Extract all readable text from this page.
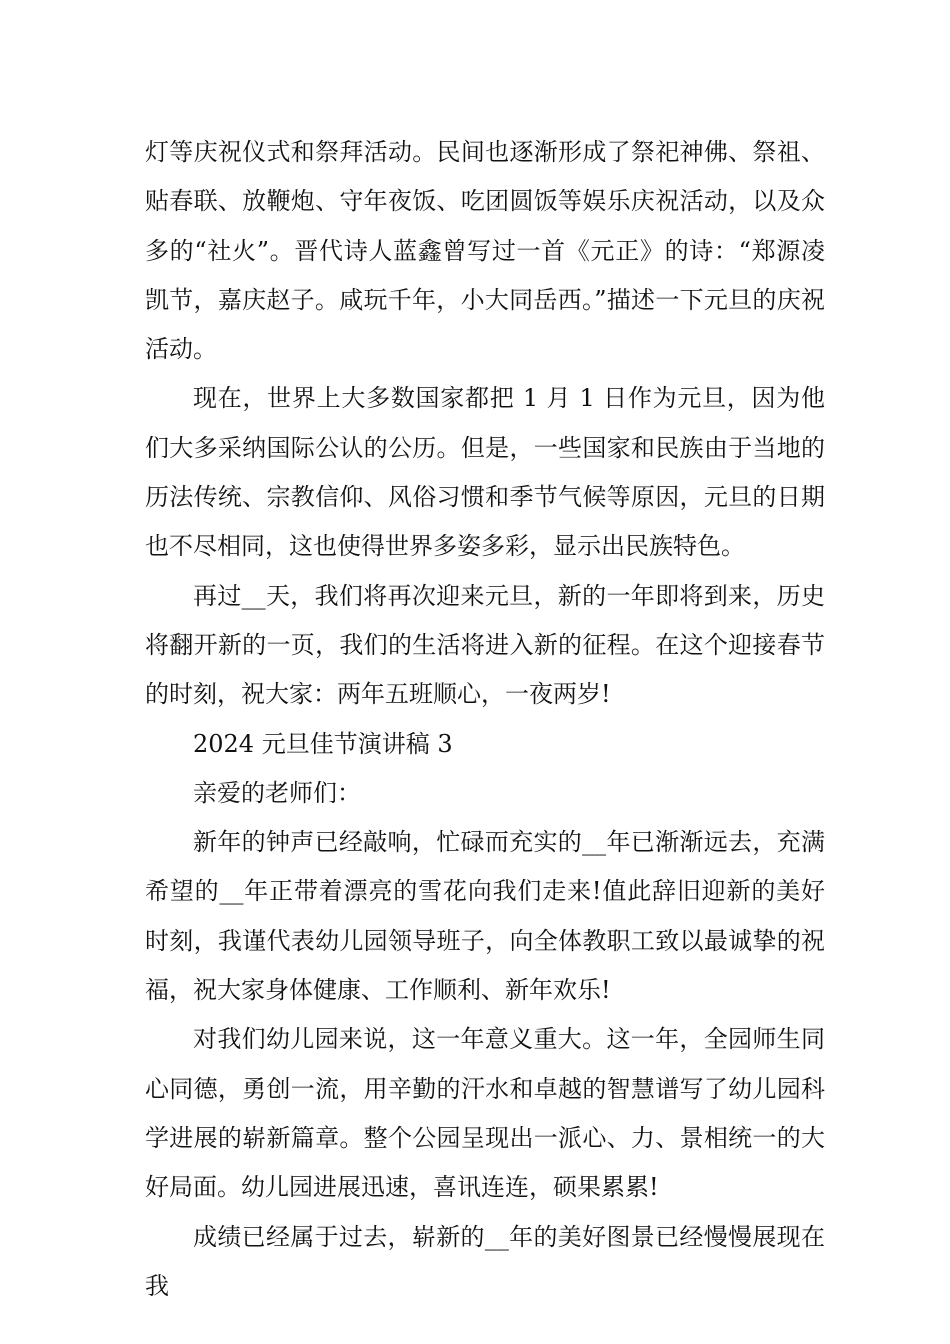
灯等庆祝仪式和祭拜活动。民间也逐渐形成了祭祀神佛、祭祖、贴春联、放鞭炮、守年夜饭、吃团圆饭等娱乐庆祝活动，以及众多的“社火”。晋代诗人蓝鑫曾写过一首《元正》的诗：“郑源凌凯节，嘉庆赵子。咸玩千年，小大同岳西。”描述一下元旦的庆祝活动。

现在，世界上大多数国家都把 1 月 1 日作为元旦，因为他们大多采纳国际公认的公历。但是，一些国家和民族由于当地的历法传统、宗教信仰、风俗习惯和季节气候等原因，元旦的日期也不尽相同，这也使得世界多姿多彩，显示出民族特色。

再过__天，我们将再次迎来元旦，新的一年即将到来，历史将翻开新的一页，我们的生活将进入新的征程。在这个迎接春节的时刻，祝大家：两年五班顺心，一夜两岁!

2024 元旦佳节演讲稿 3

亲爱的老师们：

新年的钟声已经敲响，忙碌而充实的__年已渐渐远去，充满希望的__年正带着漂亮的雪花向我们走来!值此辞旧迎新的美好时刻，我谨代表幼儿园领导班子，向全体教职工致以最诚挚的祝福，祝大家身体健康、工作顺利、新年欢乐!

对我们幼儿园来说，这一年意义重大。这一年，全园师生同心同德，勇创一流，用辛勤的汗水和卓越的智慧谱写了幼儿园科学进展的崭新篇章。整个公园呈现出一派心、力、景相统一的大好局面。幼儿园进展迅速，喜讯连连，硕果累累!

成绩已经属于过去，崭新的__年的美好图景已经慢慢展现在我
